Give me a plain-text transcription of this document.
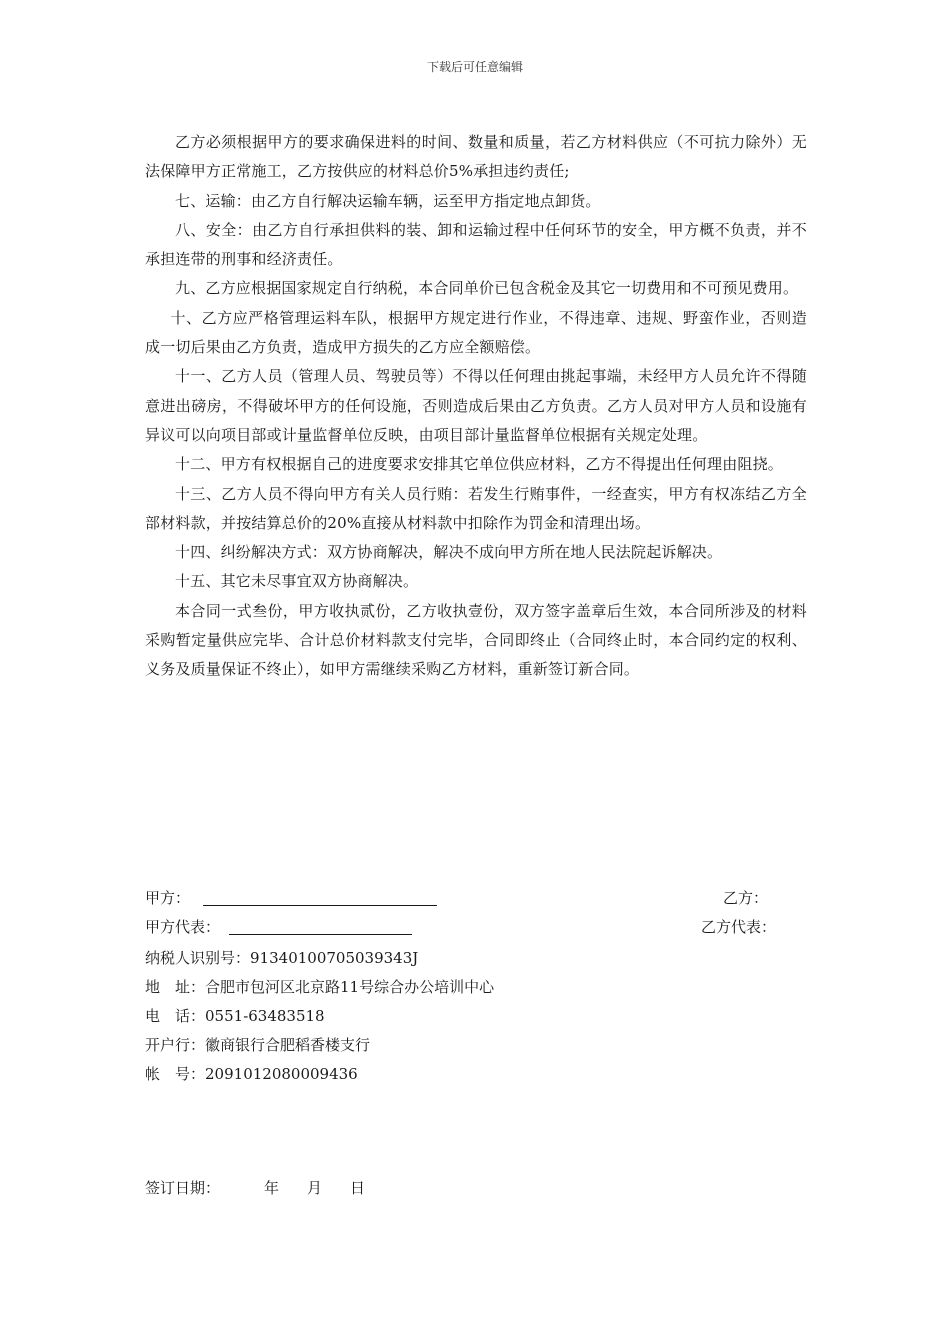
下载后可任意编辑

乙方必须根据甲方的要求确保进料的时间、数量和质量，若乙方材料供应（不可抗力除外）无法保障甲方正常施工，乙方按供应的材料总价5%承担违约责任;

七、运输：由乙方自行解决运输车辆，运至甲方指定地点卸货。

八、安全：由乙方自行承担供料的装、卸和运输过程中任何环节的安全，甲方概不负责，并不承担连带的刑事和经济责任。

九、乙方应根据国家规定自行纳税，本合同单价已包含税金及其它一切费用和不可预见费用。

十、乙方应严格管理运料车队，根据甲方规定进行作业，不得违章、违规、野蛮作业，否则造成一切后果由乙方负责，造成甲方损失的乙方应全额赔偿。

十一、乙方人员（管理人员、驾驶员等）不得以任何理由挑起事端，未经甲方人员允许不得随意进出磅房，不得破坏甲方的任何设施，否则造成后果由乙方负责。乙方人员对甲方人员和设施有异议可以向项目部或计量监督单位反映，由项目部计量监督单位根据有关规定处理。

十二、甲方有权根据自己的进度要求安排其它单位供应材料，乙方不得提出任何理由阻挠。

十三、乙方人员不得向甲方有关人员行贿：若发生行贿事件，一经查实，甲方有权冻结乙方全部材料款，并按结算总价的20%直接从材料款中扣除作为罚金和清理出场。

十四、纠纷解决方式：双方协商解决，解决不成向甲方所在地人民法院起诉解决。

十五、其它未尽事宜双方协商解决。

本合同一式叁份，甲方收执贰份，乙方收执壹份，双方签字盖章后生效，本合同所涉及的材料采购暂定量供应完毕、合计总价材料款支付完毕，合同即终止（合同终止时，本合同约定的权利、义务及质量保证不终止），如甲方需继续采购乙方材料，重新签订新合同。

甲方：	乙方：
甲方代表：	乙方代表：
纳税人识别号：91340100705039343J
地　址：合肥市包河区北京路11号综合办公培训中心
电　话：0551-63483518
开户行：徽商银行合肥稻香楼支行
帐　号：2091012080009436
签订日期：	年 月 日
